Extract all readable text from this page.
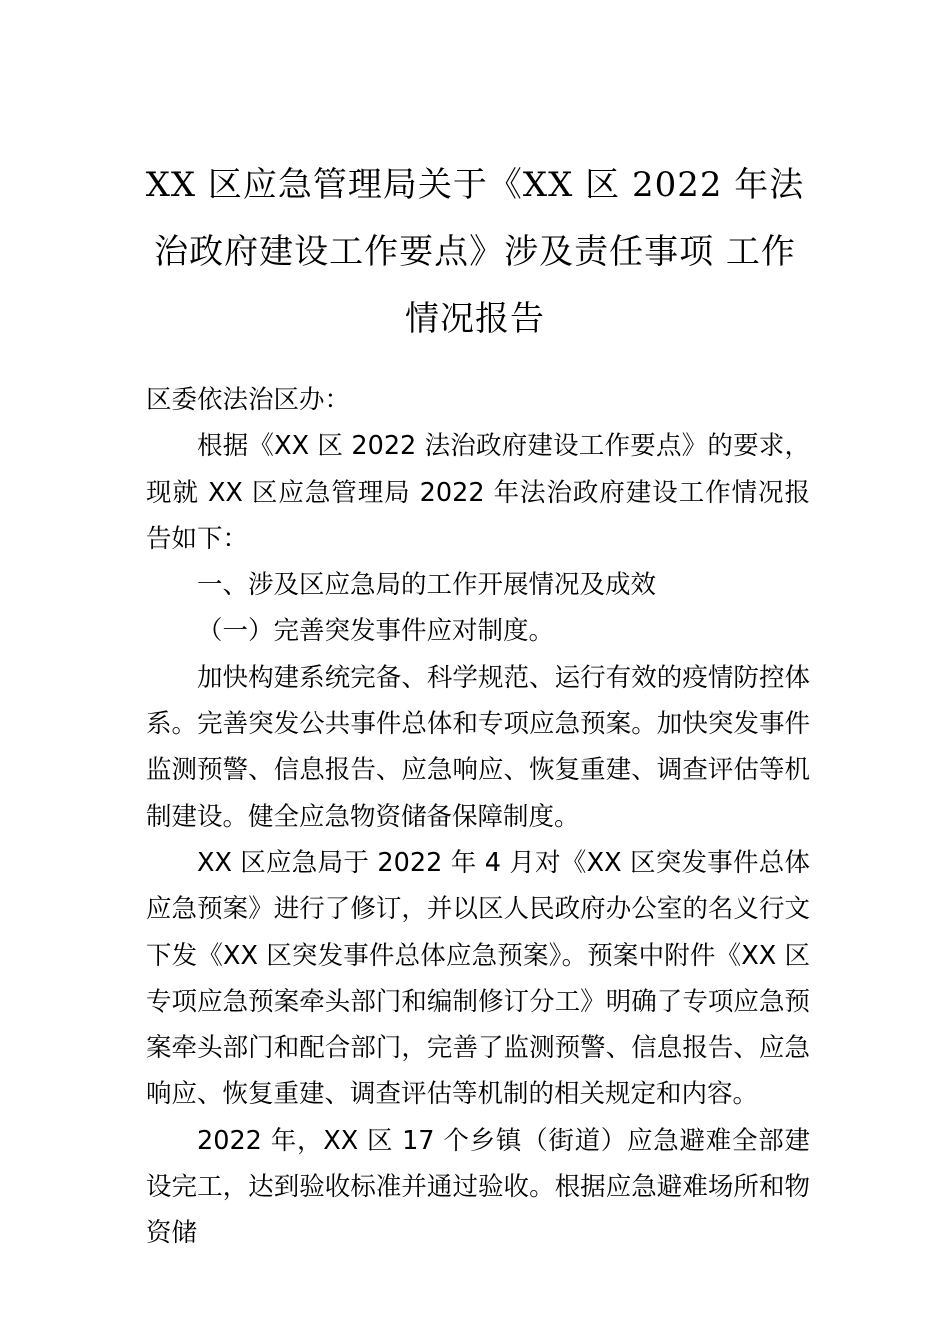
XX 区应急管理局关于《XX 区 2022 年法
治政府建设工作要点》涉及责任事项 工作
情况报告

区委依法治区办：

根据《XX 区 2022 法治政府建设工作要点》的要求，现就 XX 区应急管理局 2022 年法治政府建设工作情况报告如下：

一、涉及区应急局的工作开展情况及成效

（一）完善突发事件应对制度。

加快构建系统完备、科学规范、运行有效的疫情防控体系。完善突发公共事件总体和专项应急预案。加快突发事件监测预警、信息报告、应急响应、恢复重建、调查评估等机制建设。健全应急物资储备保障制度。

XX 区应急局于 2022 年 4 月对《XX 区突发事件总体应急预案》进行了修订，并以区人民政府办公室的名义行文下发《XX 区突发事件总体应急预案》。预案中附件《XX 区专项应急预案牵头部门和编制修订分工》明确了专项应急预案牵头部门和配合部门，完善了监测预警、信息报告、应急响应、恢复重建、调查评估等机制的相关规定和内容。

2022 年，XX 区 17 个乡镇（街道）应急避难全部建设完工，达到验收标准并通过验收。根据应急避难场所和物资储
